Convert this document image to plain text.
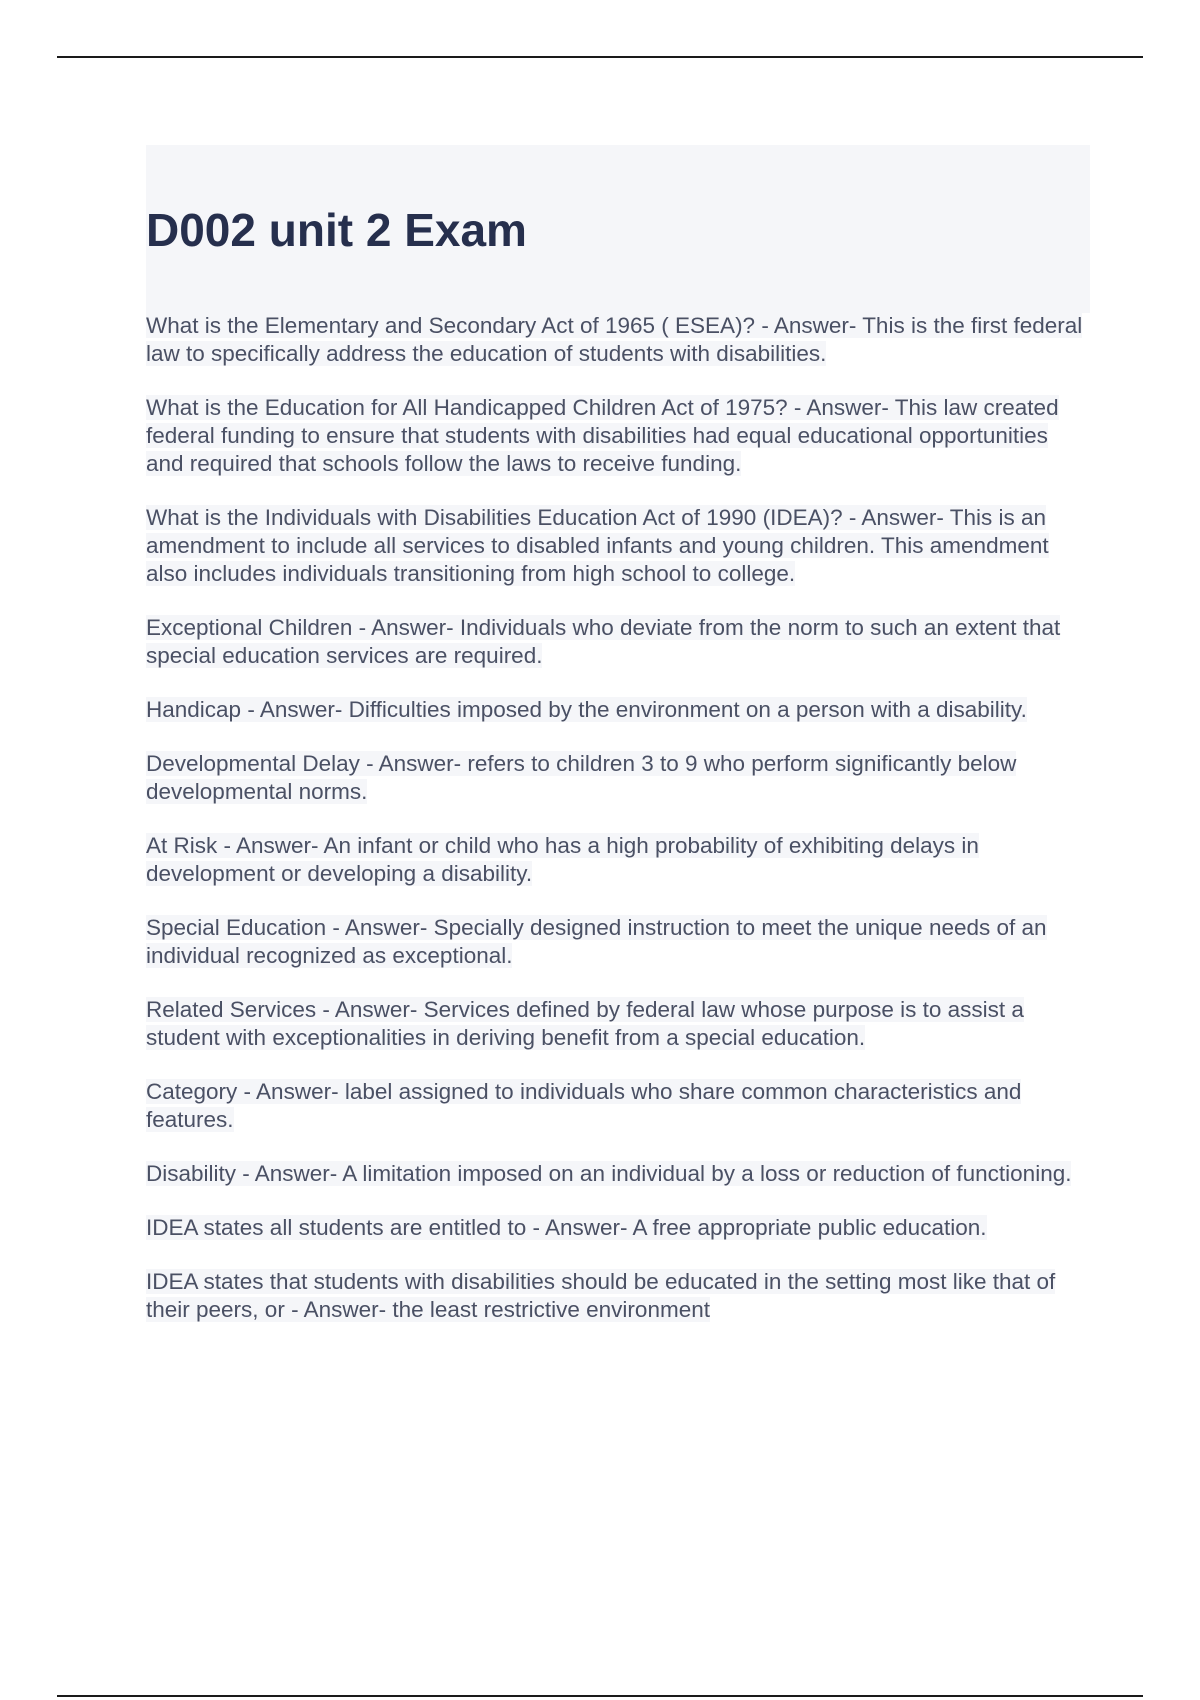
D002 unit 2 Exam

What is the Elementary and Secondary Act of 1965 ( ESEA)? - Answer- This is the first federal law to specifically address the education of students with disabilities.

What is the Education for All Handicapped Children Act of 1975? - Answer- This law created federal funding to ensure that students with disabilities had equal educational opportunities and required that schools follow the laws to receive funding.

What is the Individuals with Disabilities Education Act of 1990 (IDEA)? - Answer- This is an amendment to include all services to disabled infants and young children. This amendment also includes individuals transitioning from high school to college.

Exceptional Children - Answer- Individuals who deviate from the norm to such an extent that special education services are required.

Handicap - Answer- Difficulties imposed by the environment on a person with a disability.

Developmental Delay - Answer- refers to children 3 to 9 who perform significantly below developmental norms.

At Risk - Answer- An infant or child who has a high probability of exhibiting delays in development or developing a disability.

Special Education - Answer- Specially designed instruction to meet the unique needs of an individual recognized as exceptional.

Related Services - Answer- Services defined by federal law whose purpose is to assist a student with exceptionalities in deriving benefit from a special education.

Category - Answer- label assigned to individuals who share common characteristics and features.

Disability - Answer- A limitation imposed on an individual by a loss or reduction of functioning.

IDEA states all students are entitled to - Answer- A free appropriate public education.

IDEA states that students with disabilities should be educated in the setting most like that of their peers, or - Answer- the least restrictive environment
